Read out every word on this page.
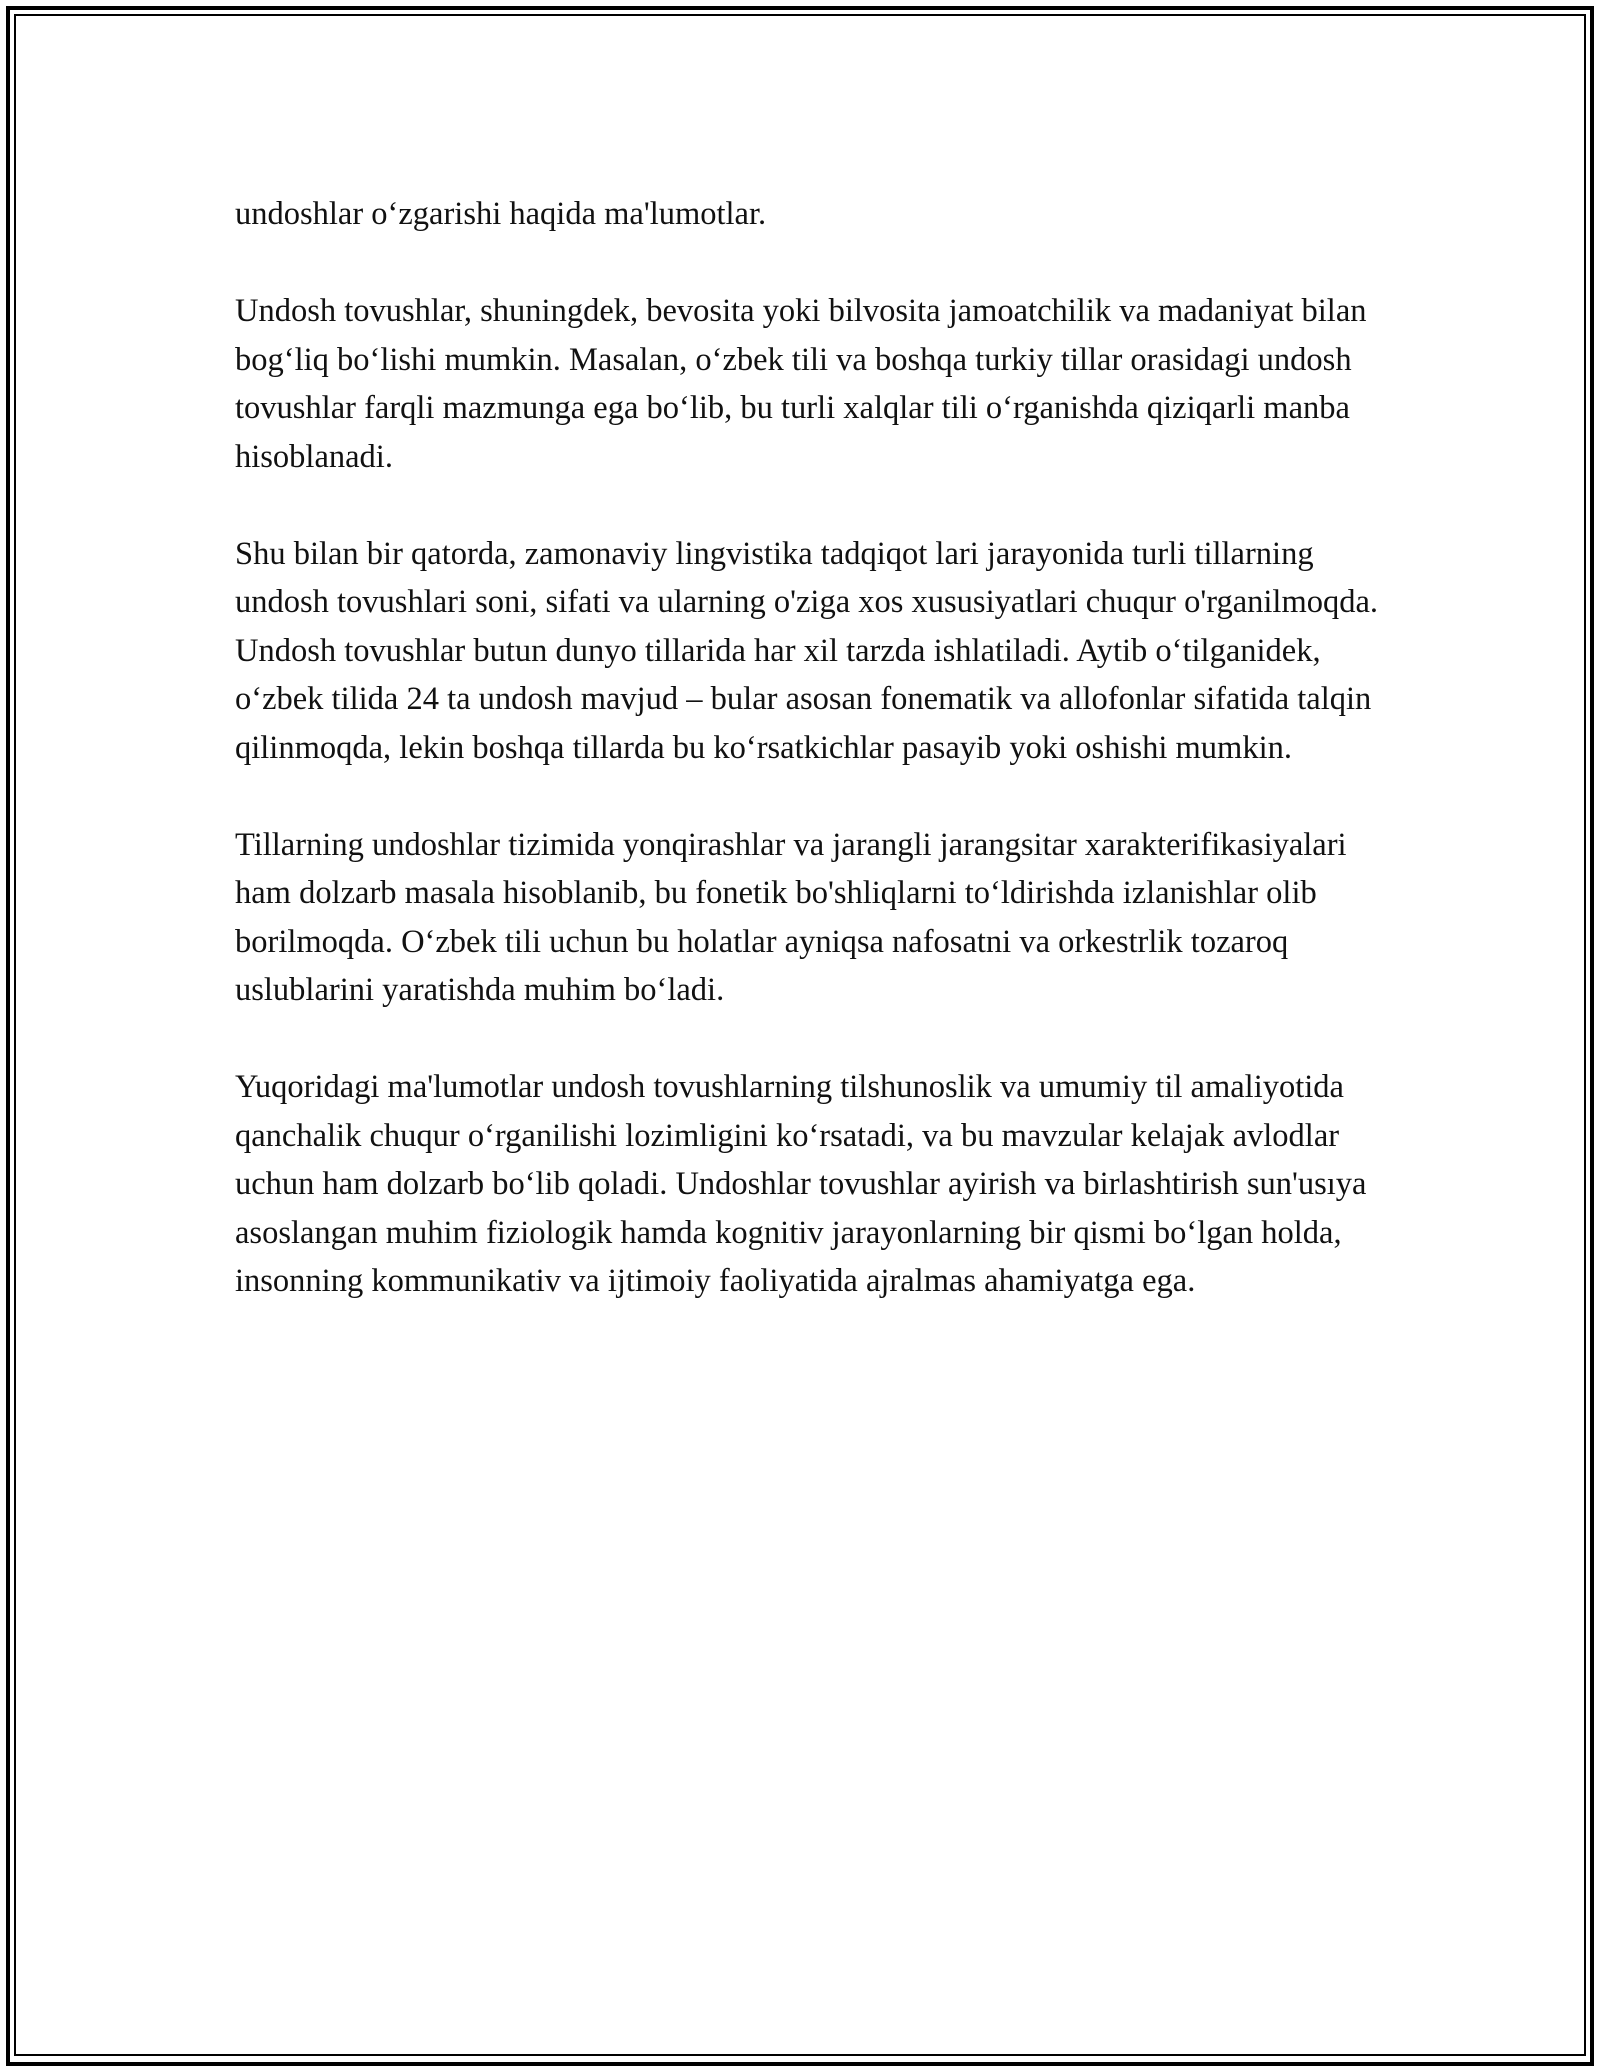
undoshlar o‘zgarishi haqida ma'lumotlar.

Undosh tovushlar, shuningdek, bevosita yoki bilvosita jamoatchilik va madaniyat bilan bog‘liq bo‘lishi mumkin. Masalan, o‘zbek tili va boshqa turkiy tillar orasidagi undosh tovushlar farqli mazmunga ega bo‘lib, bu turli xalqlar tili o‘rganishda qiziqarli manba hisoblanadi.

Shu bilan bir qatorda, zamonaviy lingvistika tadqiqot lari jarayonida turli tillarning undosh tovushlari soni, sifati va ularning o'ziga xos xususiyatlari chuqur o'rganilmoqda. Undosh tovushlar butun dunyo tillarida har xil tarzda ishlatiladi. Aytib o‘tilganidek, o‘zbek tilida 24 ta undosh mavjud – bular asosan fonematik va allofonlar sifatida talqin qilinmoqda, lekin boshqa tillarda bu ko‘rsatkichlar pasayib yoki oshishi mumkin.

Tillarning undoshlar tizimida yonqirashlar va jarangli jarangsitar xarakterifikasiyalari ham dolzarb masala hisoblanib, bu fonetik bo'shliqlarni to‘ldirishda izlanishlar olib borilmoqda. O‘zbek tili uchun bu holatlar ayniqsa nafosatni va orkestrlik tozaroq uslublarini yaratishda muhim bo‘ladi.

Yuqoridagi ma'lumotlar undosh tovushlarning tilshunoslik va umumiy til amaliyotida qanchalik chuqur o‘rganilishi lozimligini ko‘rsatadi, va bu mavzular kelajak avlodlar uchun ham dolzarb bo‘lib qoladi. Undoshlar tovushlar ayirish va birlashtirish sun'usıya asoslangan muhim fiziologik hamda kognitiv jarayonlarning bir qismi bo‘lgan holda, insonning kommunikativ va ijtimoiy faoliyatida ajralmas ahamiyatga ega.
